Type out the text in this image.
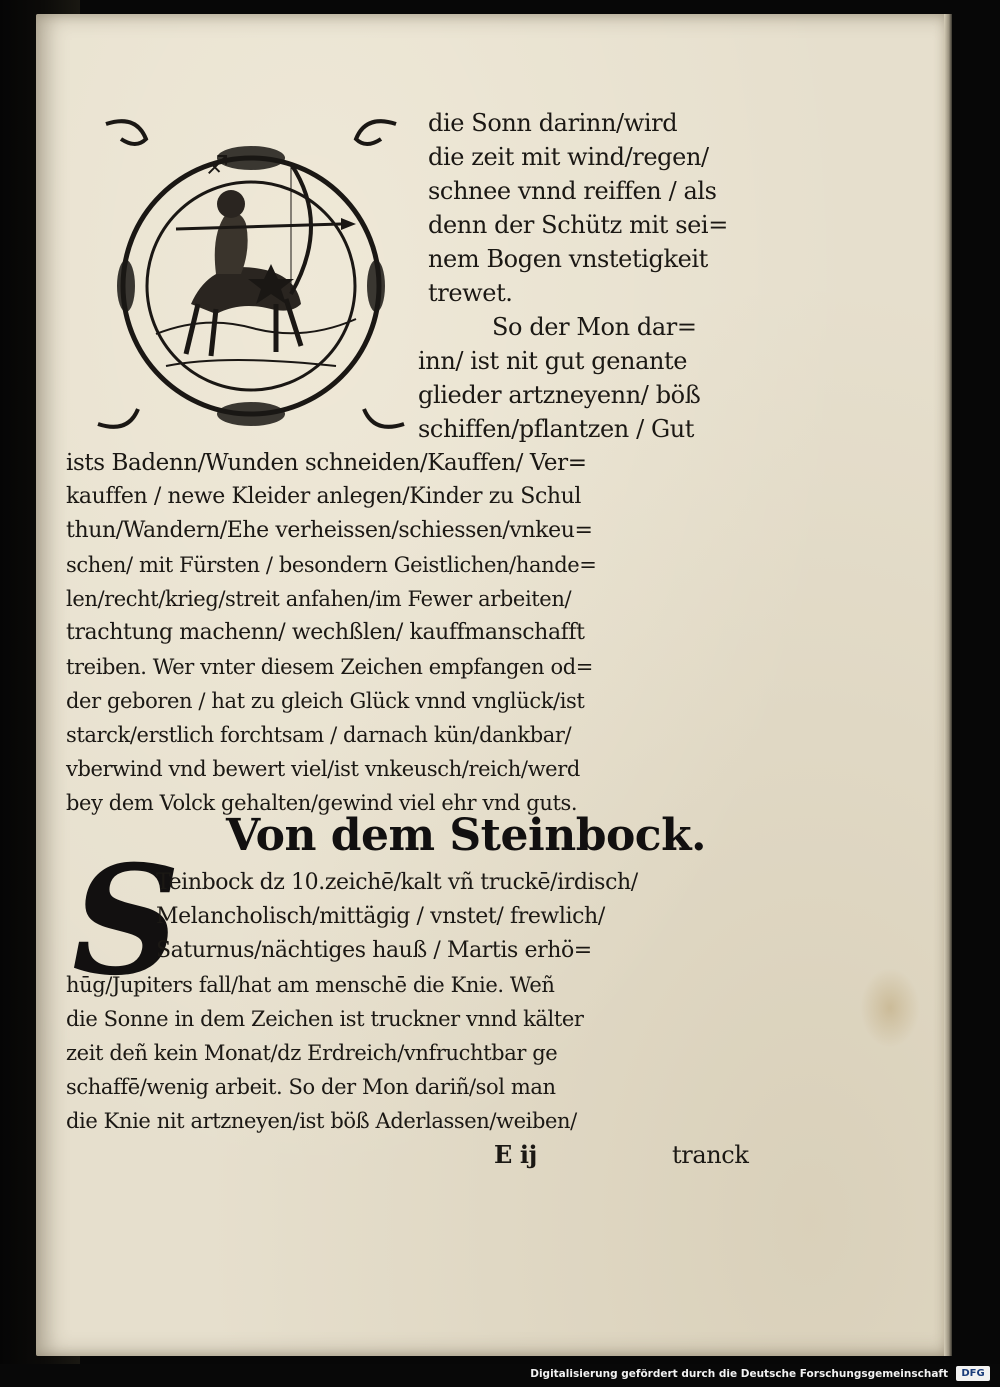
♐

die Sonn darinn/wird

die zeit mit wind/regen/

schnee vnnd reiffen / als

denn der Schütz mit sei=

nem Bogen vnstetigkeit

trewet.

So der Mon dar=

inn/ ist nit gut genante

glieder artzneyenn/ böß

schiffen/pflantzen / Gut

ists Badenn/Wunden schneiden/Kauffen/ Ver=

kauffen / newe Kleider anlegen/Kinder zu Schul

thun/Wandern/Ehe verheissen/schiessen/vnkeu=

schen/ mit Fürsten / besondern Geistlichen/hande=

len/recht/krieg/streit anfahen/im Fewer arbeiten/

trachtung machenn/ wechßlen/ kauffmanschafft

treiben. Wer vnter diesem Zeichen empfangen od=

der geboren / hat zu gleich Glück vnnd vnglück/ist

starck/erstlich forchtsam / darnach kün/dankbar/

vberwind vnd bewert viel/ist vnkeusch/reich/werd

bey dem Volck gehalten/gewind viel ehr vnd guts.

Von dem Steinbock.

S

Teinbock dz 10.zeichē/kalt vñ truckē/irdisch/

Melancholisch/mittägig / vnstet/ frewlich/

Saturnus/nächtiges hauß / Martis erhö=

hūg/Jupiters fall/hat am menschē die Knie. Weñ

die Sonne in dem Zeichen ist truckner vnnd kälter

zeit deñ kein Monat/dz Erdreich/vnfruchtbar ge

schaffē/wenig arbeit. So der Mon dariñ/sol man

die Knie nit artzneyen/ist böß Aderlassen/weiben/

E ij	tranck

Digitalisierung gefördert durch die Deutsche Forschungsgemeinschaft	DFG
